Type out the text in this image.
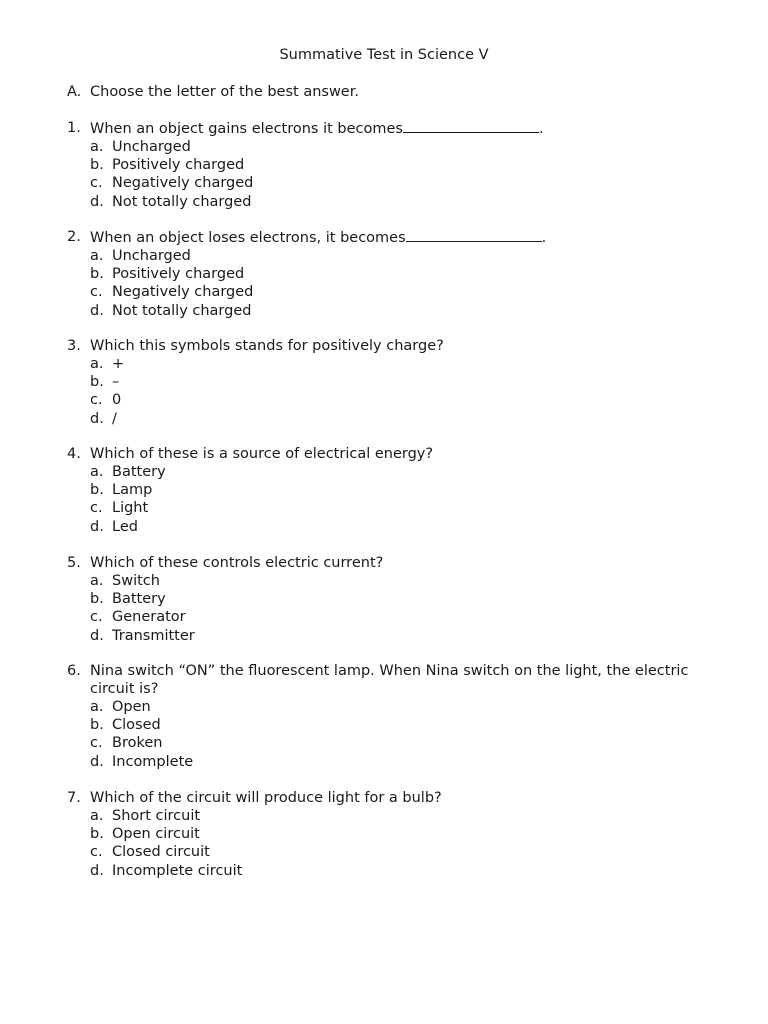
Summative Test in Science V
A. Choose the letter of the best answer.
1. When an object gains electrons it becomes	.
a. Uncharged
b. Positively charged
c. Negatively charged
d. Not totally charged
2. When an object loses electrons, it becomes	.
a. Uncharged
b. Positively charged
c. Negatively charged
d. Not totally charged
3. Which this symbols stands for positively charge?
a. +
b. –
c. 0
d. /
4. Which of these is a source of electrical energy?
a. Battery
b. Lamp
c. Light
d. Led
5. Which of these controls electric current?
a. Switch
b. Battery
c. Generator
d. Transmitter
6. Nina switch “ON” the fluorescent lamp. When Nina switch on the light, the electric circuit is?
a. Open
b. Closed
c. Broken
d. Incomplete
7. Which of the circuit will produce light for a bulb?
a. Short circuit
b. Open circuit
c. Closed circuit
d. Incomplete circuit
